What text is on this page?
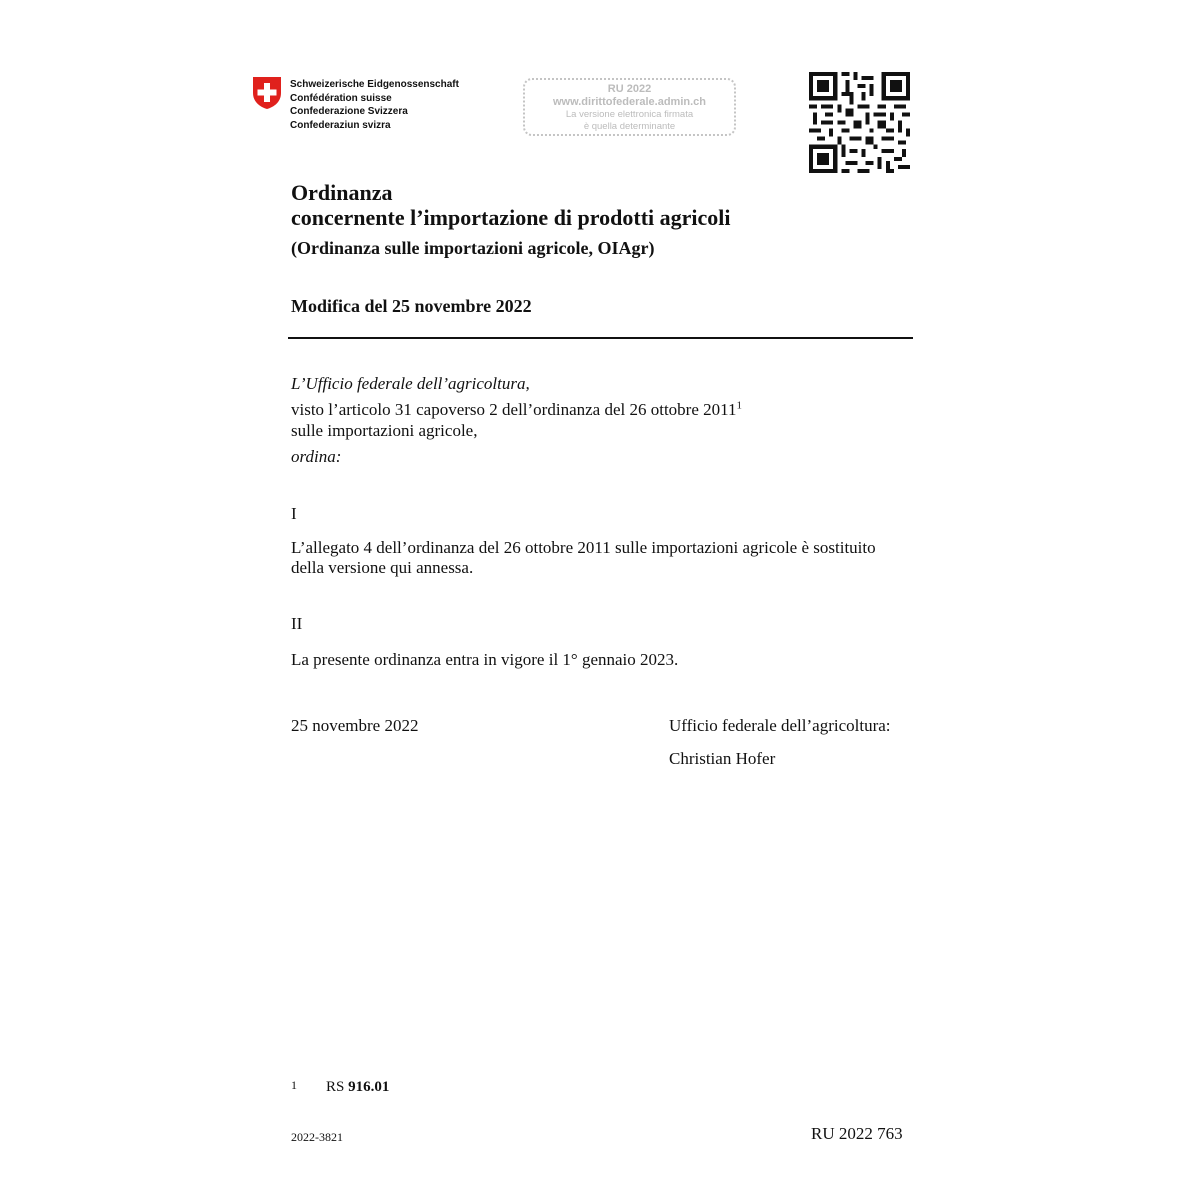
Schweizerische Eidgenossenschaft
Confédération suisse
Confederazione Svizzera
Confederaziun svizra
RU 2022
www.dirittofederale.admin.ch
La versione elettronica firmata
è quella determinante
Ordinanza
concernente l’importazione di prodotti agricoli
(Ordinanza sulle importazioni agricole, OIAgr)
Modifica del 25 novembre 2022
L’Ufficio federale dell’agricoltura,
visto l’articolo 31 capoverso 2 dell’ordinanza del 26 ottobre 2011$^1$
sulle importazioni agricole,
ordina:
I
L’allegato 4 dell’ordinanza del 26 ottobre 2011 sulle importazioni agricole è sostituito
della versione qui annessa.
II
La presente ordinanza entra in vigore il 1° gennaio 2023.
25 novembre 2022	Ufficio federale dell’agricoltura:
Christian Hofer
1 RS 916.01
2022-3821	RU 2022 763
